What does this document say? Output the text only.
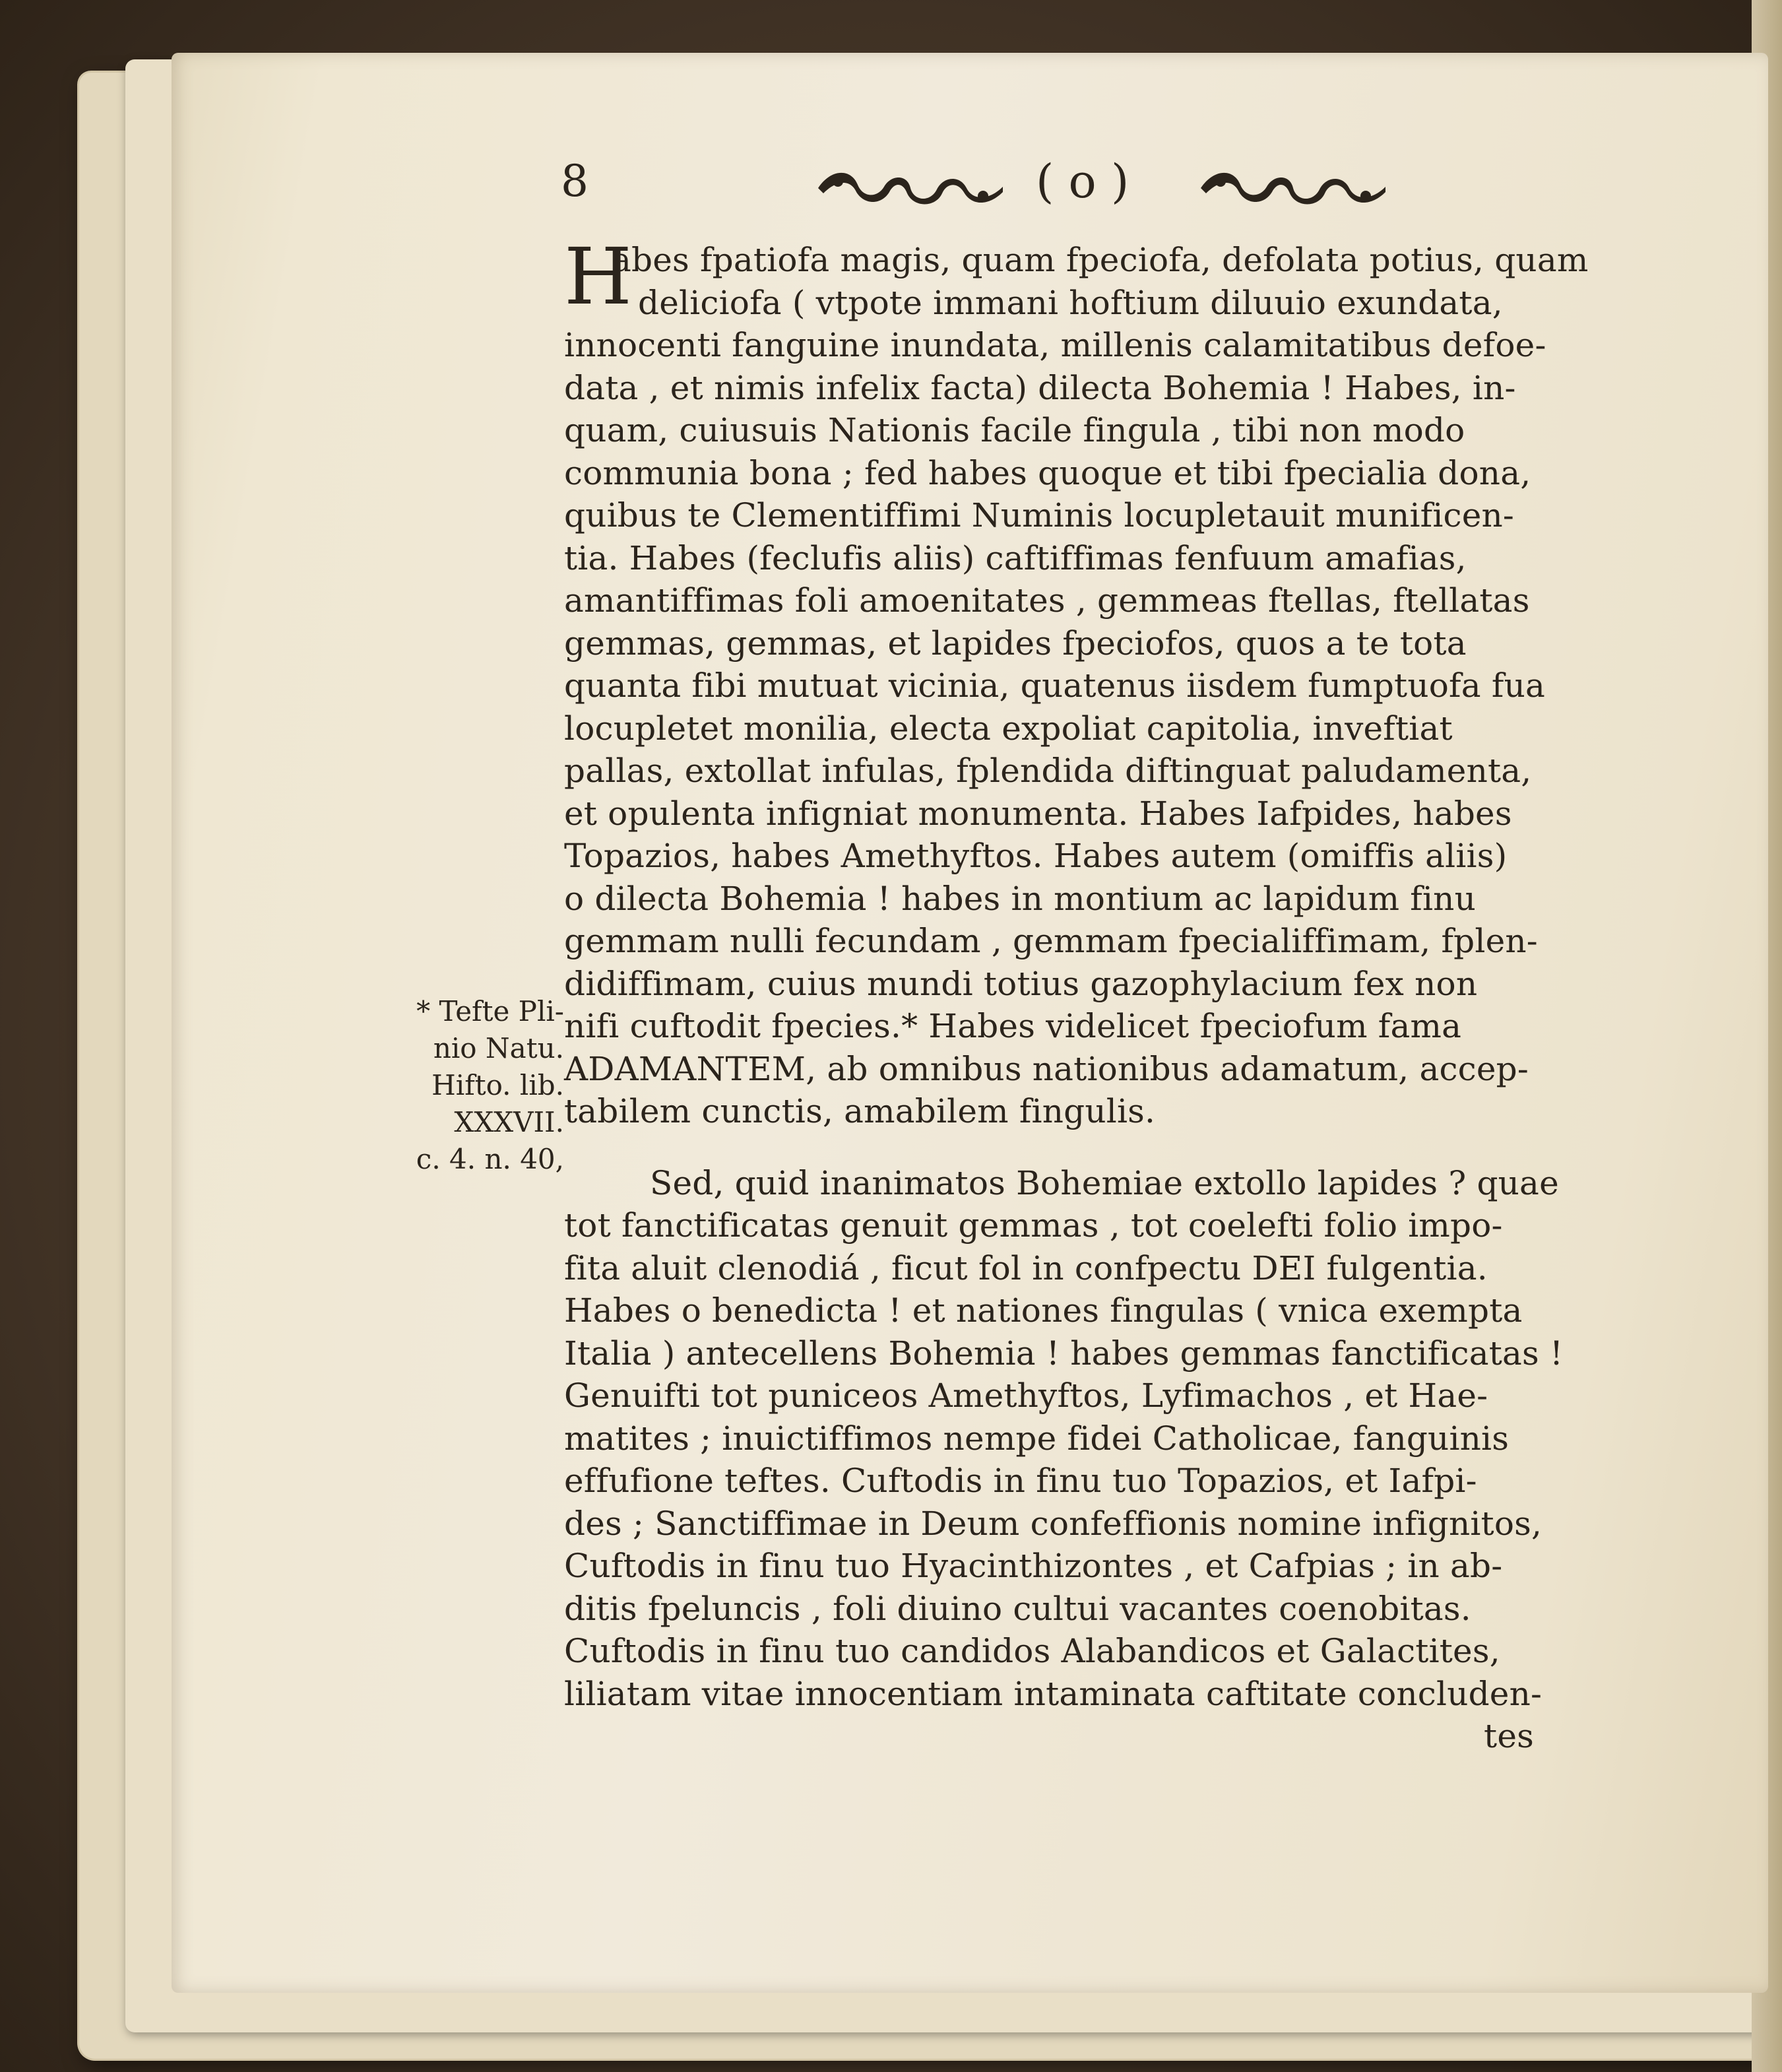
8	( o )
* Tefte Pli-
nio Natu.
Hifto. lib.
XXXVII.
c. 4. n. 40,
H
abes fpatiofa magis, quam fpeciofa, defolata potius, quam
deliciofa ( vtpote immani hoftium diluuio exundata,
innocenti fanguine inundata, millenis calamitatibus defoe-
data , et nimis infelix facta) dilecta Bohemia ! Habes, in-
quam, cuiusuis Nationis facile fingula , tibi non modo
communia bona ; fed habes quoque et tibi fpecialia dona,
quibus te Clementiffimi Numinis locupletauit munificen-
tia. Habes (feclufis aliis) caftiffimas fenfuum amafias,
amantiffimas foli amoenitates , gemmeas ftellas, ftellatas
gemmas, gemmas, et lapides fpeciofos, quos a te tota
quanta fibi mutuat vicinia, quatenus iisdem fumptuofa fua
locupletet monilia, electa expoliat capitolia, inveftiat
pallas, extollat infulas, fplendida diftinguat paludamenta,
et opulenta infigniat monumenta. Habes Iafpides, habes
Topazios, habes Amethyftos. Habes autem (omiffis aliis)
o dilecta Bohemia ! habes in montium ac lapidum finu
gemmam nulli fecundam , gemmam fpecialiffimam, fplen-
didiffimam, cuius mundi totius gazophylacium fex non
nifi cuftodit fpecies.* Habes videlicet fpeciofum fama
ADAMANTEM, ab omnibus nationibus adamatum, accep-
tabilem cunctis, amabilem fingulis.
Sed, quid inanimatos Bohemiae extollo lapides ? quae
tot fanctificatas genuit gemmas , tot coelefti folio impo-
fita aluit clenodiá , ficut fol in confpectu DEI fulgentia.
Habes o benedicta ! et nationes fingulas ( vnica exempta
Italia ) antecellens Bohemia ! habes gemmas fanctificatas !
Genuifti tot puniceos Amethyftos, Lyfimachos , et Hae-
matites ; inuictiffimos nempe fidei Catholicae, fanguinis
effufione teftes. Cuftodis in finu tuo Topazios, et Iafpi-
des ; Sanctiffimae in Deum confeffionis nomine infignitos,
Cuftodis in finu tuo Hyacinthizontes , et Cafpias ; in ab-
ditis fpeluncis , foli diuino cultui vacantes coenobitas.
Cuftodis in finu tuo candidos Alabandicos et Galactites,
liliatam vitae innocentiam intaminata caftitate concluden-
tes
